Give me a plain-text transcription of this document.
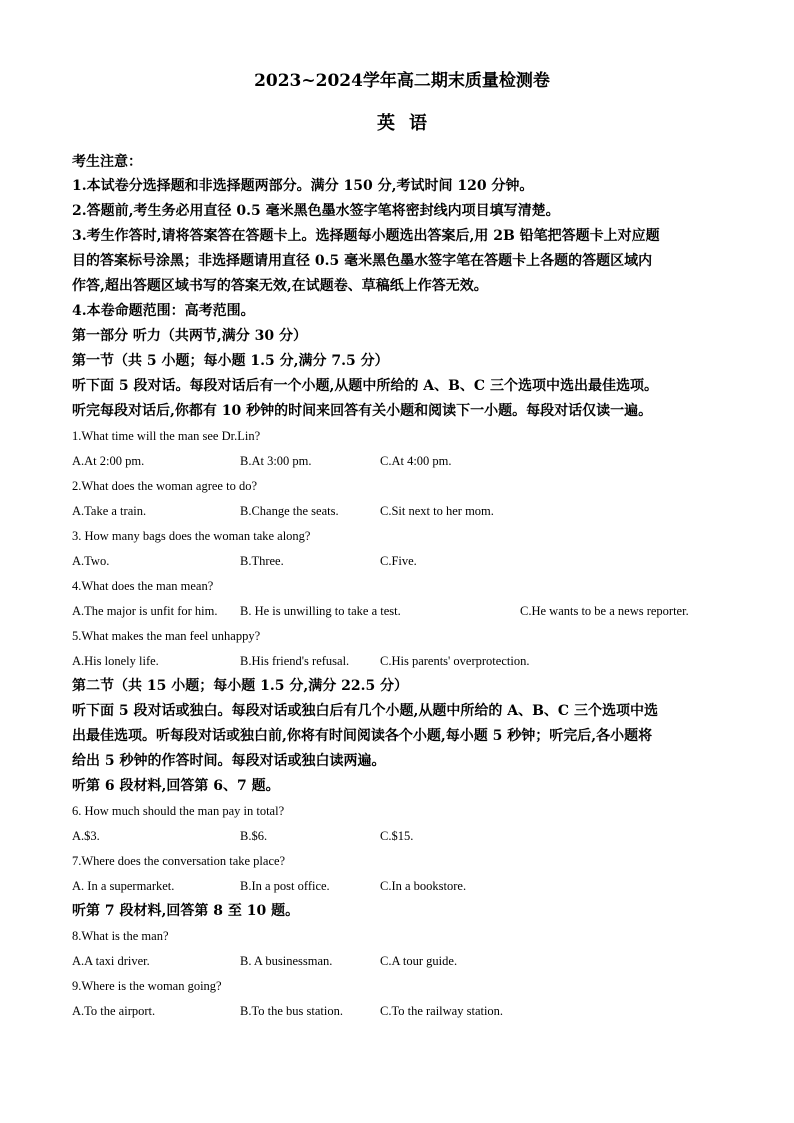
2023~2024学年高二期末质量检测卷

英语
考生注意：

1.本试卷分选择题和非选择题两部分。满分 150 分,考试时间 120 分钟。

2.答题前,考生务必用直径 0.5 毫米黑色墨水签字笔将密封线内项目填写清楚。

3.考生作答时,请将答案答在答题卡上。选择题每小题选出答案后,用 2B 铅笔把答题卡上对应题

目的答案标号涂黑；非选择题请用直径 0.5 毫米黑色墨水签字笔在答题卡上各题的答题区域内

作答,超出答题区域书写的答案无效,在试题卷、草稿纸上作答无效。

4.本卷命题范围：高考范围。

第一部分 听力（共两节,满分 30 分）

第一节（共 5 小题；每小题 1.5 分,满分 7.5 分）

听下面 5 段对话。每段对话后有一个小题,从题中所给的 A、B、C 三个选项中选出最佳选项。

听完每段对话后,你都有 10 秒钟的时间来回答有关小题和阅读下一小题。每段对话仅读一遍。

1.What time will the man see Dr.Lin?

A.At 2:00 pm.	B.At 3:00 pm.	C.At 4:00 pm.

2.What does the woman agree to do?

A.Take a train.	B.Change the seats.	C.Sit next to her mom.

3. How many bags does the woman take along?

A.Two.	B.Three.	C.Five.

4.What does the man mean?

A.The major is unfit for him. B. He is unwilling to take a test.	C.He wants to be a news reporter.

5.What makes the man feel unhappy?

A.His lonely life.	B.His friend's refusal. C.His parents' overprotection.

第二节（共 15 小题；每小题 1.5 分,满分 22.5 分）

听下面 5 段对话或独白。每段对话或独白后有几个小题,从题中所给的 A、B、C 三个选项中选

出最佳选项。听每段对话或独白前,你将有时间阅读各个小题,每小题 5 秒钟；听完后,各小题将

给出 5 秒钟的作答时间。每段对话或独白读两遍。

听第 6 段材料,回答第 6、7 题。

6. How much should the man pay in total?

A.$3.	B.$6.	C.$15.

7.Where does the conversation take place?

A. In a supermarket.	B.In a post office.	C.In a bookstore.

听第 7 段材料,回答第 8 至 10 题。

8.What is the man?

A.A taxi driver.	B. A businessman.	C.A tour guide.

9.Where is the woman going?

A.To the airport.	B.To the bus station.	C.To the railway station.
